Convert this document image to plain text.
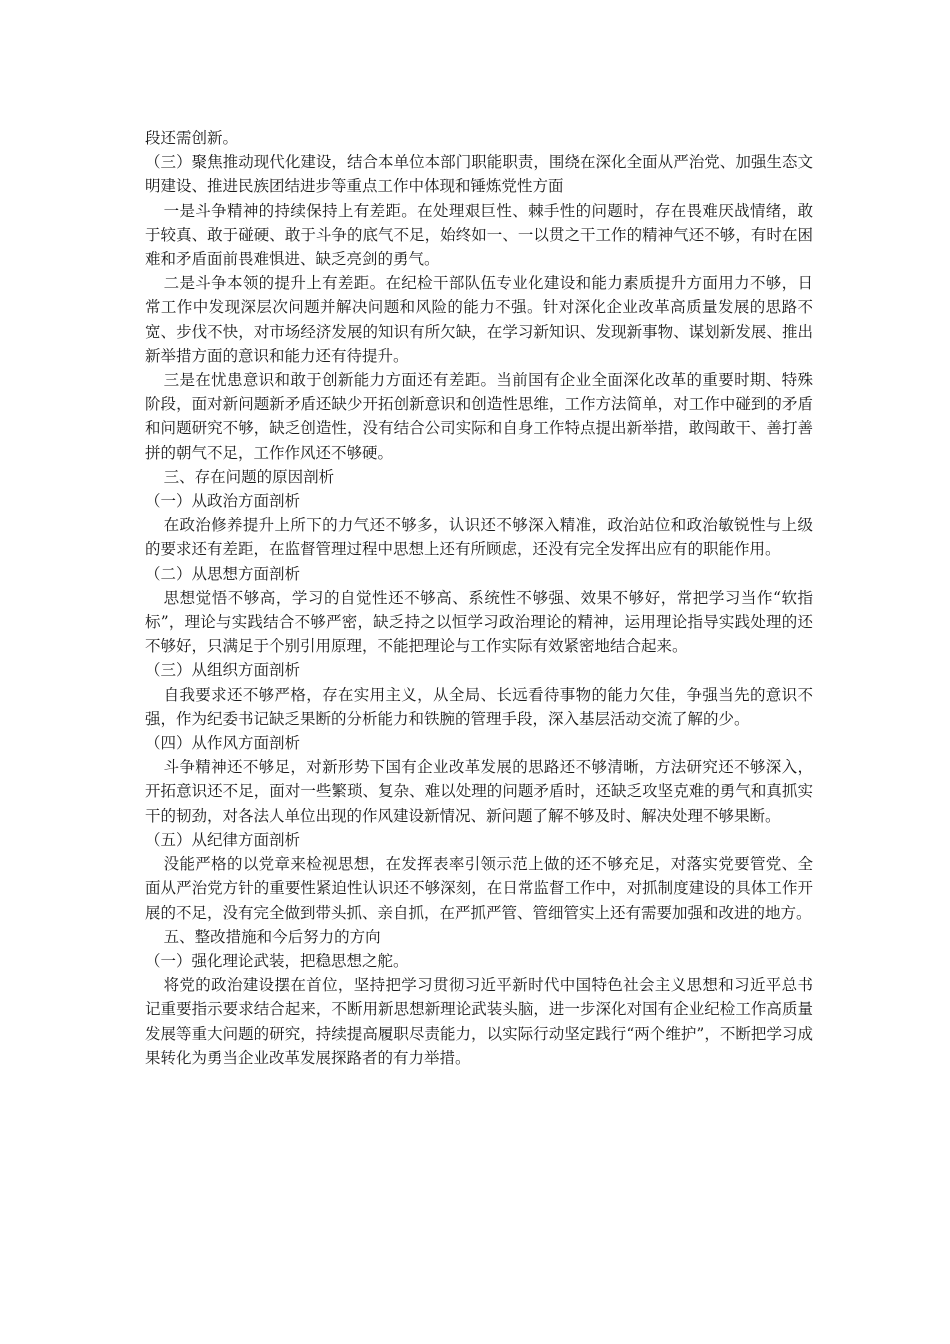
段还需创新。

（三）聚焦推动现代化建设，结合本单位本部门职能职责，围绕在深化全面从严治党、加强生态文明建设、推进民族团结进步等重点工作中体现和锤炼党性方面

一是斗争精神的持续保持上有差距。在处理艰巨性、棘手性的问题时，存在畏难厌战情绪，敢于较真、敢于碰硬、敢于斗争的底气不足，始终如一、一以贯之干工作的精神气还不够，有时在困难和矛盾面前畏难惧进、缺乏亮剑的勇气。

二是斗争本领的提升上有差距。在纪检干部队伍专业化建设和能力素质提升方面用力不够，日常工作中发现深层次问题并解决问题和风险的能力不强。针对深化企业改革高质量发展的思路不宽、步伐不快，对市场经济发展的知识有所欠缺，在学习新知识、发现新事物、谋划新发展、推出新举措方面的意识和能力还有待提升。

三是在忧患意识和敢于创新能力方面还有差距。当前国有企业全面深化改革的重要时期、特殊阶段，面对新问题新矛盾还缺少开拓创新意识和创造性思维，工作方法简单，对工作中碰到的矛盾和问题研究不够，缺乏创造性，没有结合公司实际和自身工作特点提出新举措，敢闯敢干、善打善拼的朝气不足，工作作风还不够硬。

三、存在问题的原因剖析

（一）从政治方面剖析

在政治修养提升上所下的力气还不够多，认识还不够深入精准，政治站位和政治敏锐性与上级的要求还有差距，在监督管理过程中思想上还有所顾虑，还没有完全发挥出应有的职能作用。

（二）从思想方面剖析

思想觉悟不够高，学习的自觉性还不够高、系统性不够强、效果不够好，常把学习当作“软指标”，理论与实践结合不够严密，缺乏持之以恒学习政治理论的精神，运用理论指导实践处理的还不够好，只满足于个别引用原理，不能把理论与工作实际有效紧密地结合起来。

（三）从组织方面剖析

自我要求还不够严格，存在实用主义，从全局、长远看待事物的能力欠佳，争强当先的意识不强，作为纪委书记缺乏果断的分析能力和铁腕的管理手段，深入基层活动交流了解的少。

（四）从作风方面剖析

斗争精神还不够足，对新形势下国有企业改革发展的思路还不够清晰，方法研究还不够深入，开拓意识还不足，面对一些繁琐、复杂、难以处理的问题矛盾时，还缺乏攻坚克难的勇气和真抓实干的韧劲，对各法人单位出现的作风建设新情况、新问题了解不够及时、解决处理不够果断。

（五）从纪律方面剖析

没能严格的以党章来检视思想，在发挥表率引领示范上做的还不够充足，对落实党要管党、全面从严治党方针的重要性紧迫性认识还不够深刻，在日常监督工作中，对抓制度建设的具体工作开展的不足，没有完全做到带头抓、亲自抓，在严抓严管、管细管实上还有需要加强和改进的地方。

五、整改措施和今后努力的方向

（一）强化理论武装，把稳思想之舵。

将党的政治建设摆在首位，坚持把学习贯彻习近平新时代中国特色社会主义思想和习近平总书记重要指示要求结合起来，不断用新思想新理论武装头脑，进一步深化对国有企业纪检工作高质量发展等重大问题的研究，持续提高履职尽责能力，以实际行动坚定践行“两个维护”，不断把学习成果转化为勇当企业改革发展探路者的有力举措。
